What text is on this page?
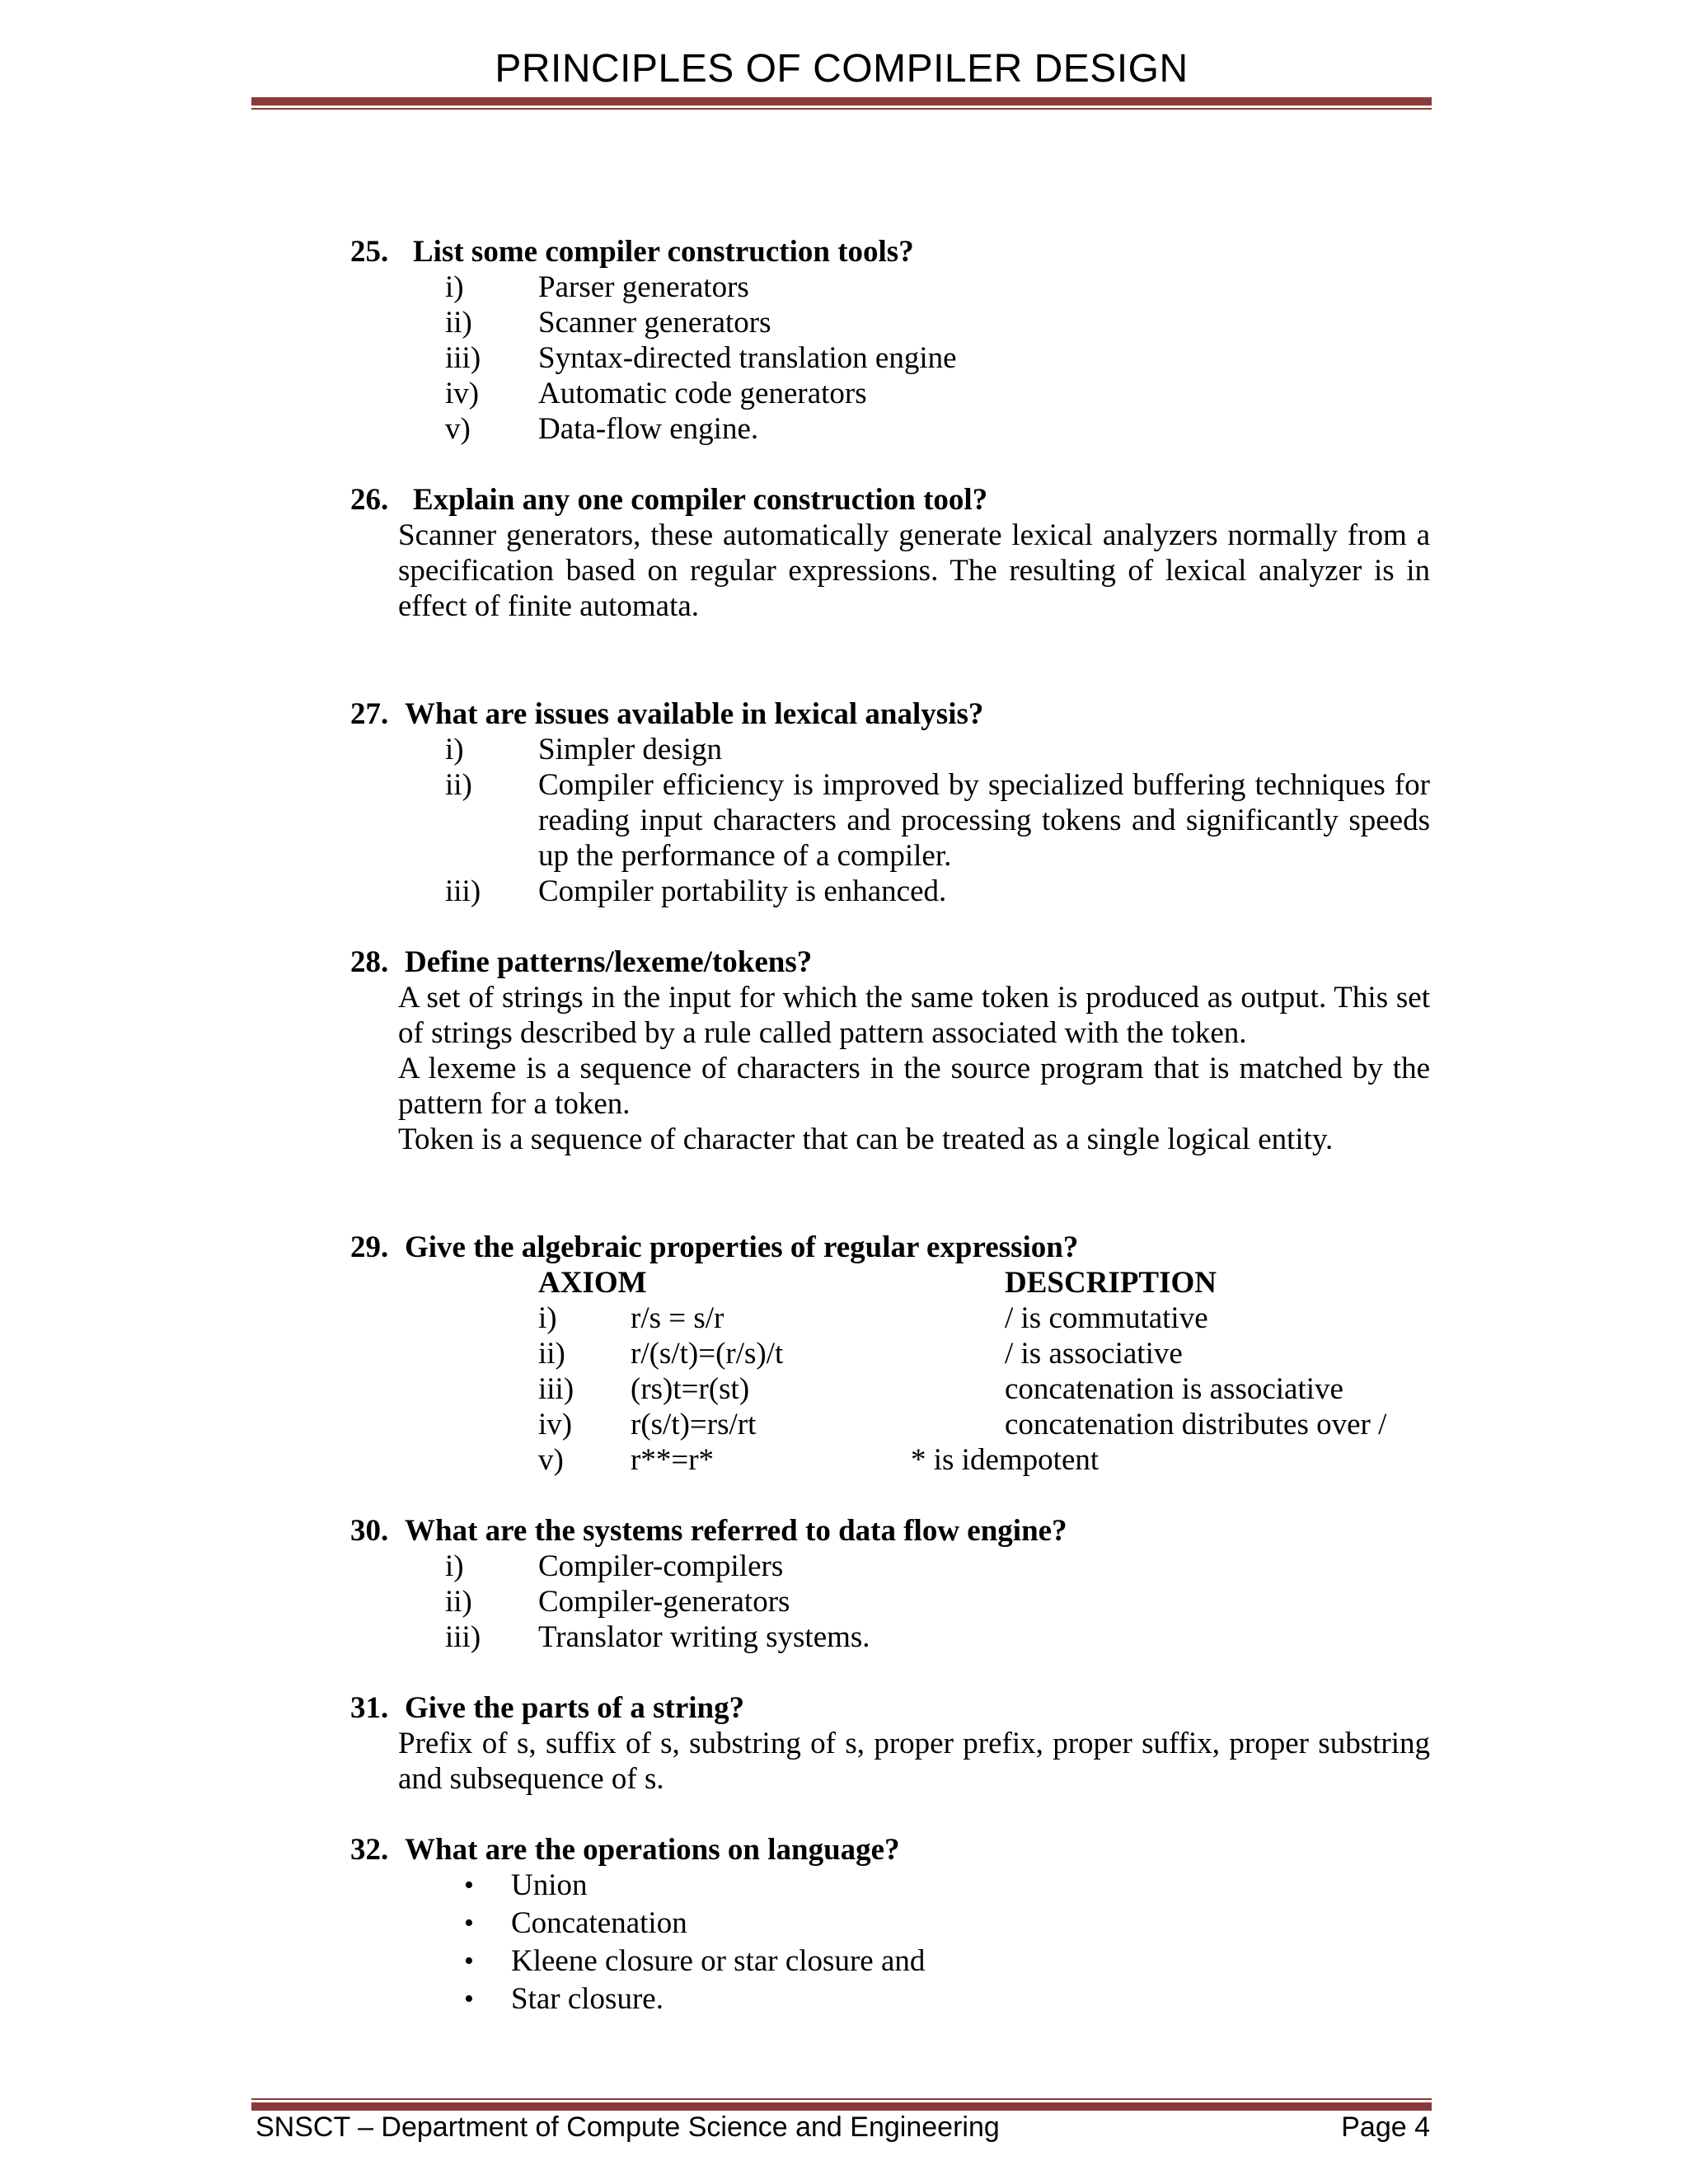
PRINCIPLES OF COMPILER DESIGN

25. List some compiler construction tools?

i) Parser generators
ii) Scanner generators
iii) Syntax-directed translation engine
iv) Automatic code generators
v) Data-flow engine.

26. Explain any one compiler construction tool?

Scanner generators, these automatically generate lexical analyzers normally from a specification based on regular expressions. The resulting of lexical analyzer is in effect of finite automata.

27. What are issues available in lexical analysis?

i) Simpler design
ii) Compiler efficiency is improved by specialized buffering techniques for reading input characters and processing tokens and significantly speeds up the performance of a compiler.
iii) Compiler portability is enhanced.

28. Define patterns/lexeme/tokens?

A set of strings in the input for which the same token is produced as output. This set of strings described by a rule called pattern associated with the token.

A lexeme is a sequence of characters in the source program that is matched by the pattern for a token.

Token is a sequence of character that can be treated as a single logical entity.

29. Give the algebraic properties of regular expression?

AXIOM	DESCRIPTION
i) r/s = s/r	/ is commutative
ii) r/(s/t)=(r/s)/t	/ is associative
iii) (rs)t=r(st)	concatenation is associative
iv) r(s/t)=rs/rt	concatenation distributes over /
v) r**=r*	* is idempotent

30. What are the systems referred to data flow engine?

i) Compiler-compilers
ii) Compiler-generators
iii) Translator writing systems.

31. Give the parts of a string?

Prefix of s, suffix of s, substring of s, proper prefix, proper suffix, proper substring and subsequence of s.

32. What are the operations on language?

• Union
• Concatenation
• Kleene closure or star closure and
• Star closure.
SNSCT – Department of Compute Science and Engineering	Page 4
